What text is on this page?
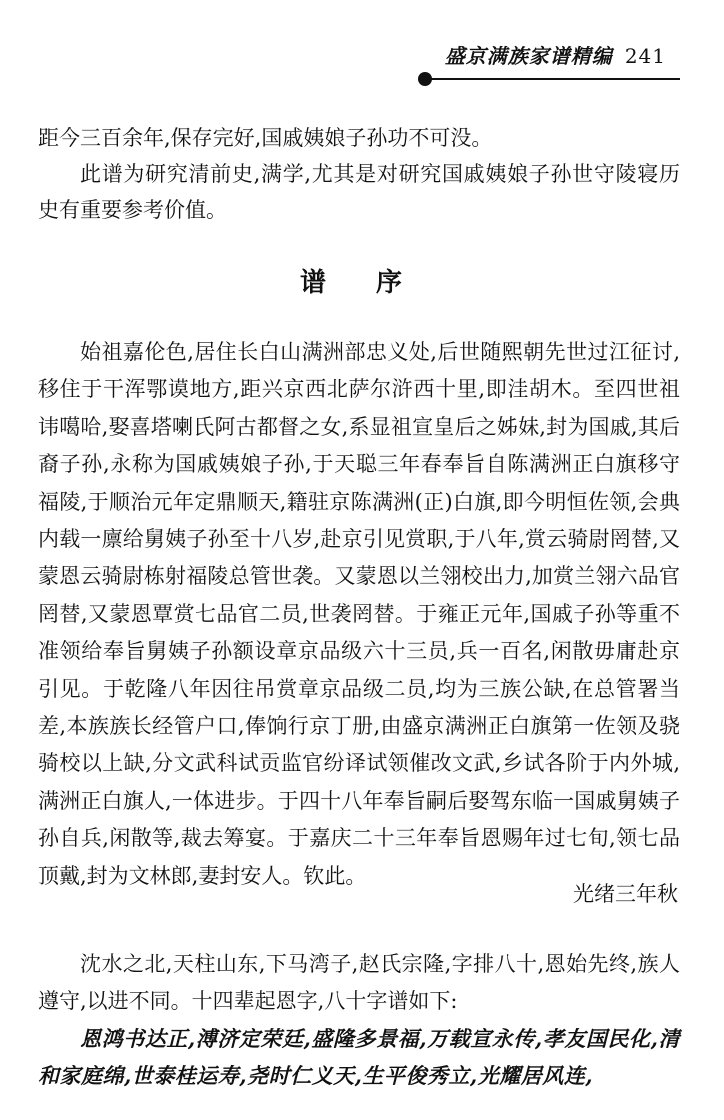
盛京满族家谱精编 241

距今三百余年,保存完好,国戚姨娘子孙功不可没。

此谱为研究清前史,满学,尤其是对研究国戚姨娘子孙世守陵寝历史有重要参考价值。

谱序

始祖嘉伦色,居住长白山满洲部忠义处,后世随熙朝先世过江征讨,移住于干浑鄂谟地方,距兴京西北萨尔浒西十里,即洼胡木。至四世祖讳噶哈,娶喜塔喇氏阿古都督之女,系显祖宣皇后之姊妹,封为国戚,其后裔子孙,永称为国戚姨娘子孙,于天聪三年春奉旨自陈满洲正白旗移守福陵,于顺治元年定鼎顺天,籍驻京陈满洲(正)白旗,即今明恒佐领,会典内载一廪给舅姨子孙至十八岁,赴京引见赏职,于八年,赏云骑尉罔替,又蒙恩云骑尉栋射福陵总管世袭。又蒙恩以兰翎校出力,加赏兰翎六品官罔替,又蒙恩覃赏七品官二员,世袭罔替。于雍正元年,国戚子孙等重不准领给奉旨舅姨子孙额设章京品级六十三员,兵一百名,闲散毋庸赴京引见。于乾隆八年因往吊赏章京品级二员,均为三族公缺,在总管署当差,本族族长经管户口,俸饷行京丁册,由盛京满洲正白旗第一佐领及骁骑校以上缺,分文武科试贡监官纷译试领催改文武,乡试各阶于内外城,满洲正白旗人,一体进步。于四十八年奉旨嗣后娶驾东临一国戚舅姨子孙自兵,闲散等,裁去筹宴。于嘉庆二十三年奉旨恩赐年过七旬,领七品顶戴,封为文林郎,妻封安人。钦此。

光绪三年秋

沈水之北,天柱山东,下马湾子,赵氏宗隆,字排八十,恩始先终,族人遵守,以进不同。十四辈起恩字,八十字谱如下:

恩鸿书达正,溥济定荣廷,盛隆多景福,万载宣永传,孝友国民化,清和家庭绵,世泰桂运寿,尧时仁义天,生平俊秀立,光耀居风连,
